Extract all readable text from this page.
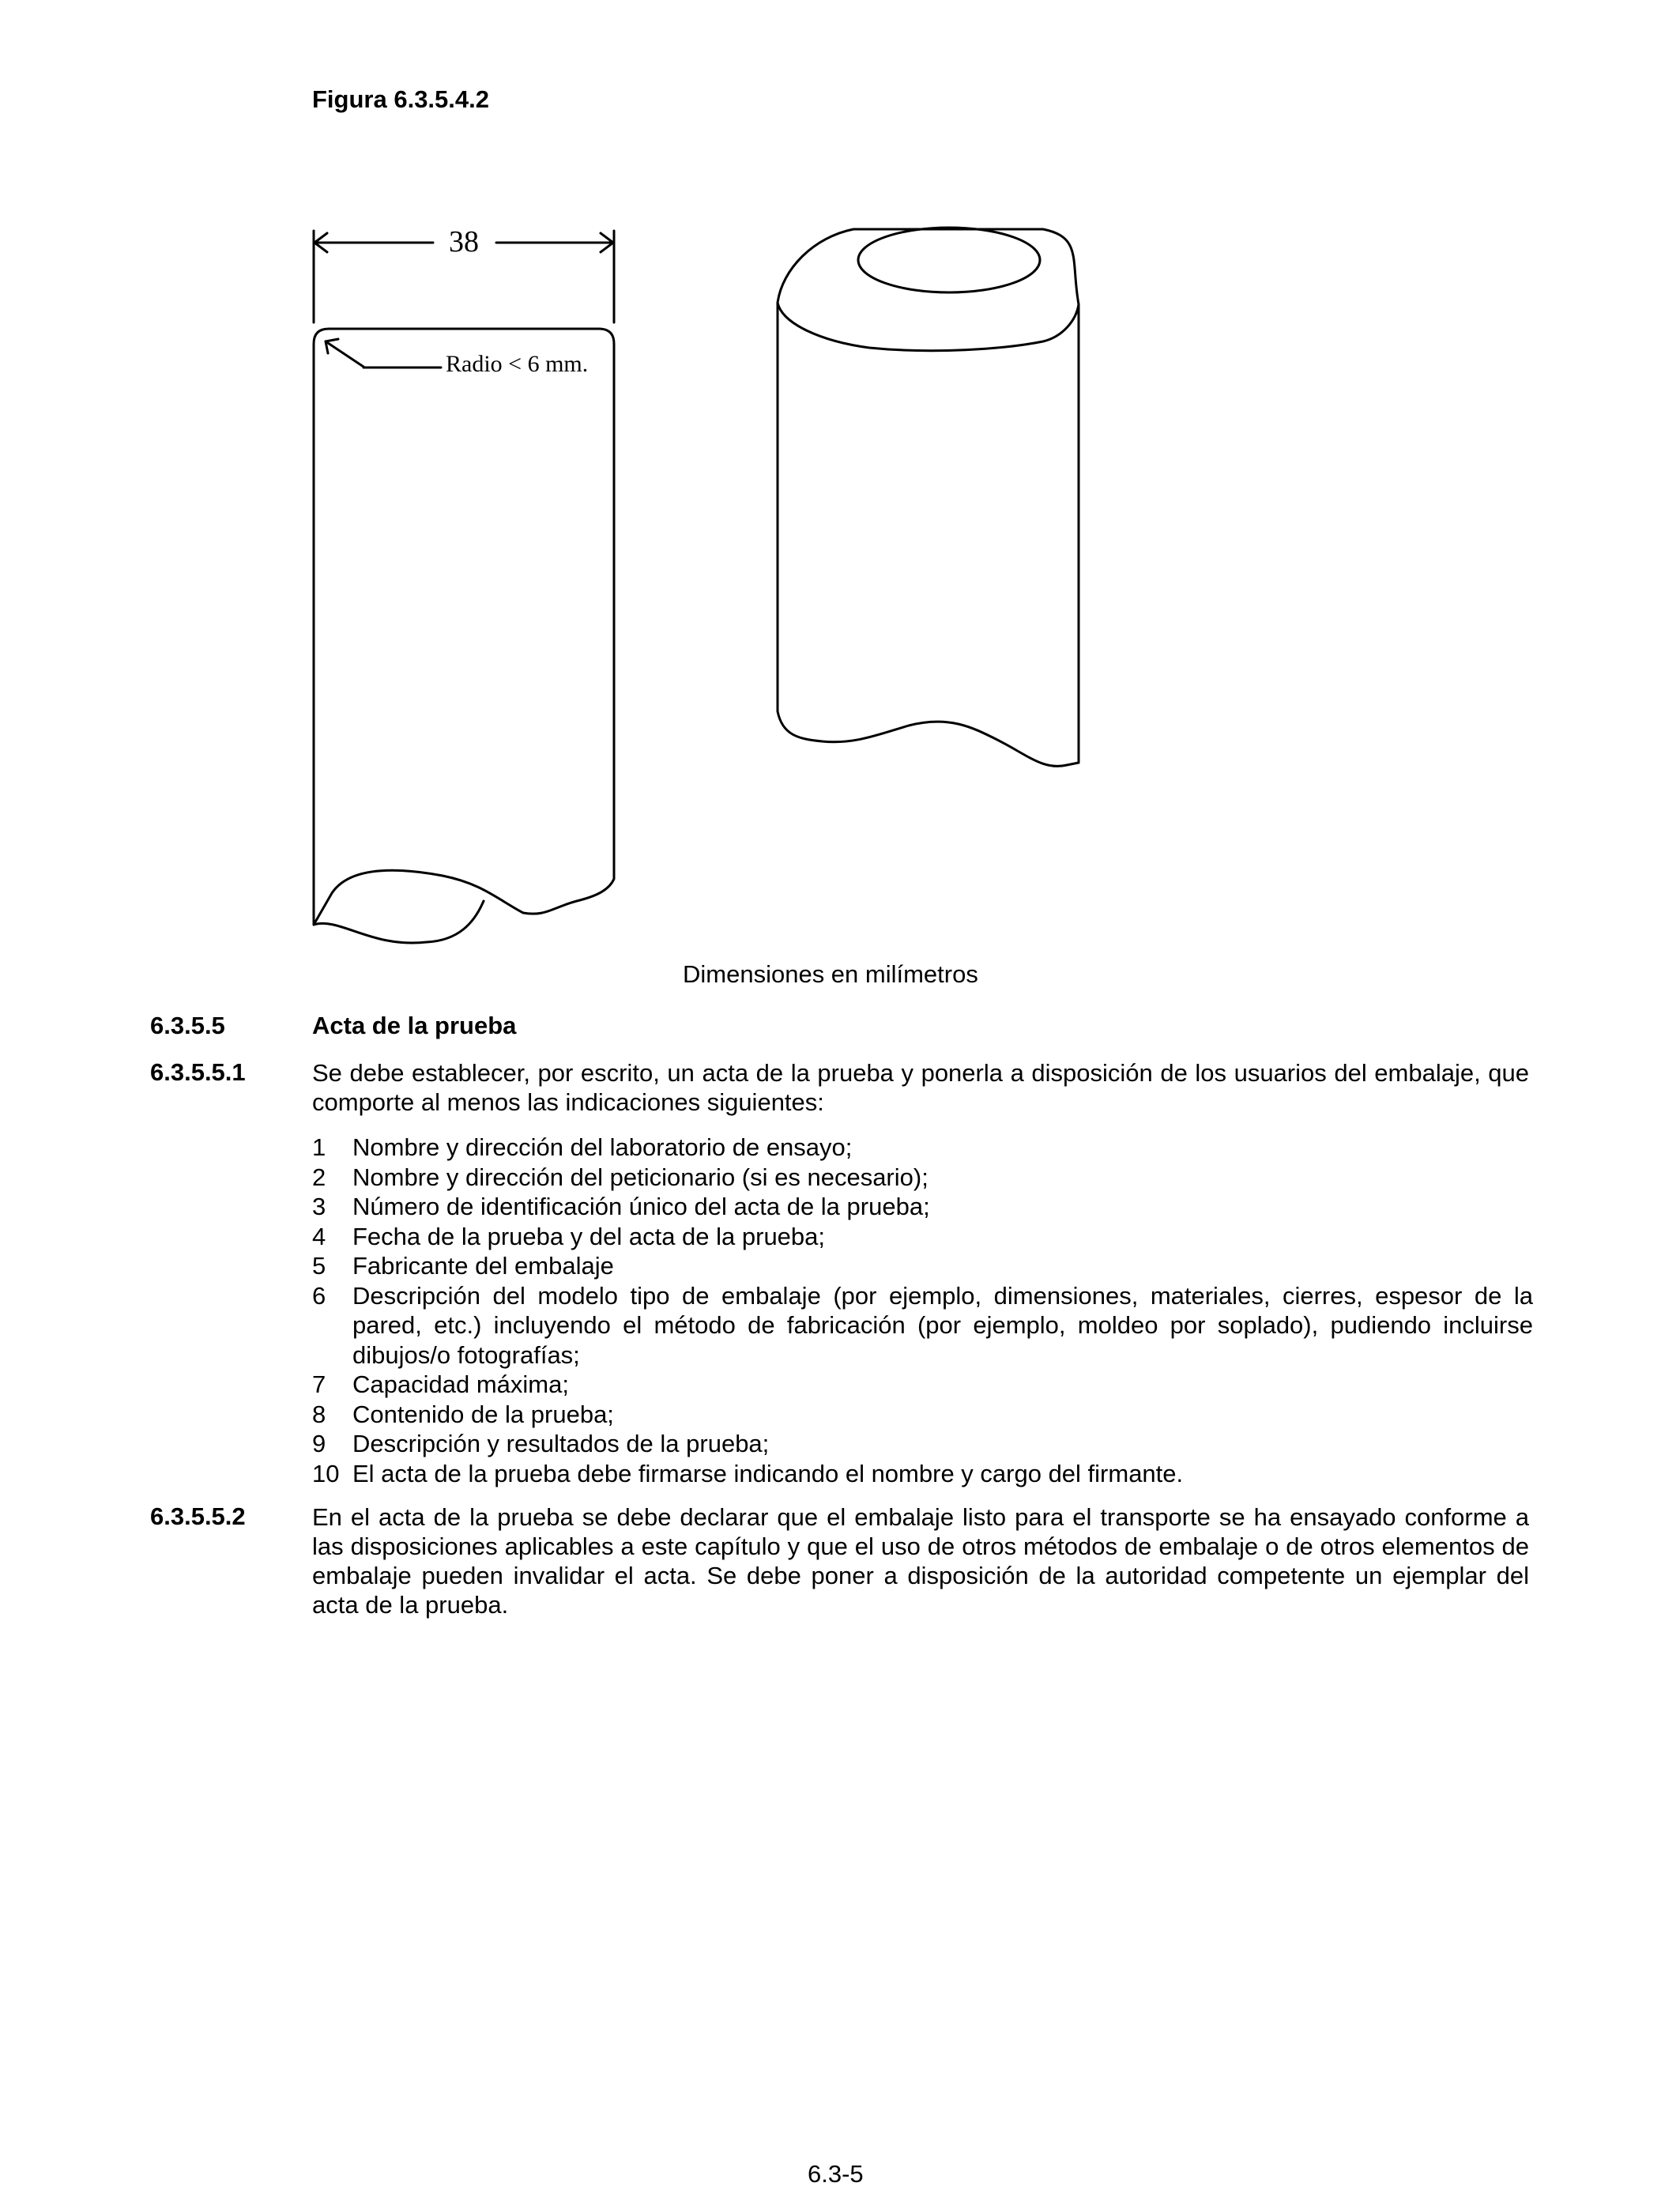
Figura 6.3.5.4.2
38
Radio < 6 mm.
Dimensiones en milímetros
6.3.5.5	Acta de la prueba
6.3.5.5.1	Se debe establecer, por escrito, un acta de la prueba y ponerla a disposición de los usuarios del embalaje, que comporte al menos las indicaciones siguientes:
1	Nombre y dirección del laboratorio de ensayo;
2	Nombre y dirección del peticionario (si es necesario);
3	Número de identificación único del acta de la prueba;
4	Fecha de la prueba y del acta de la prueba;
5	Fabricante del embalaje
6	Descripción del modelo tipo de embalaje (por ejemplo, dimensiones, materiales, cierres, espesor de la pared, etc.) incluyendo el método de fabricación (por ejemplo, moldeo por soplado), pudiendo incluirse dibujos/o fotografías;
7	Capacidad máxima;
8	Contenido de la prueba;
9	Descripción y resultados de la prueba;
10 El acta de la prueba debe firmarse indicando el nombre y cargo del firmante.
6.3.5.5.2	En el acta de la prueba se debe declarar que el embalaje listo para el transporte se ha ensayado conforme a las disposiciones aplicables a este capítulo y que el uso de otros métodos de embalaje o de otros elementos de embalaje pueden invalidar el acta. Se debe poner a disposición de la autoridad competente un ejemplar del acta de la prueba.
6.3-5
